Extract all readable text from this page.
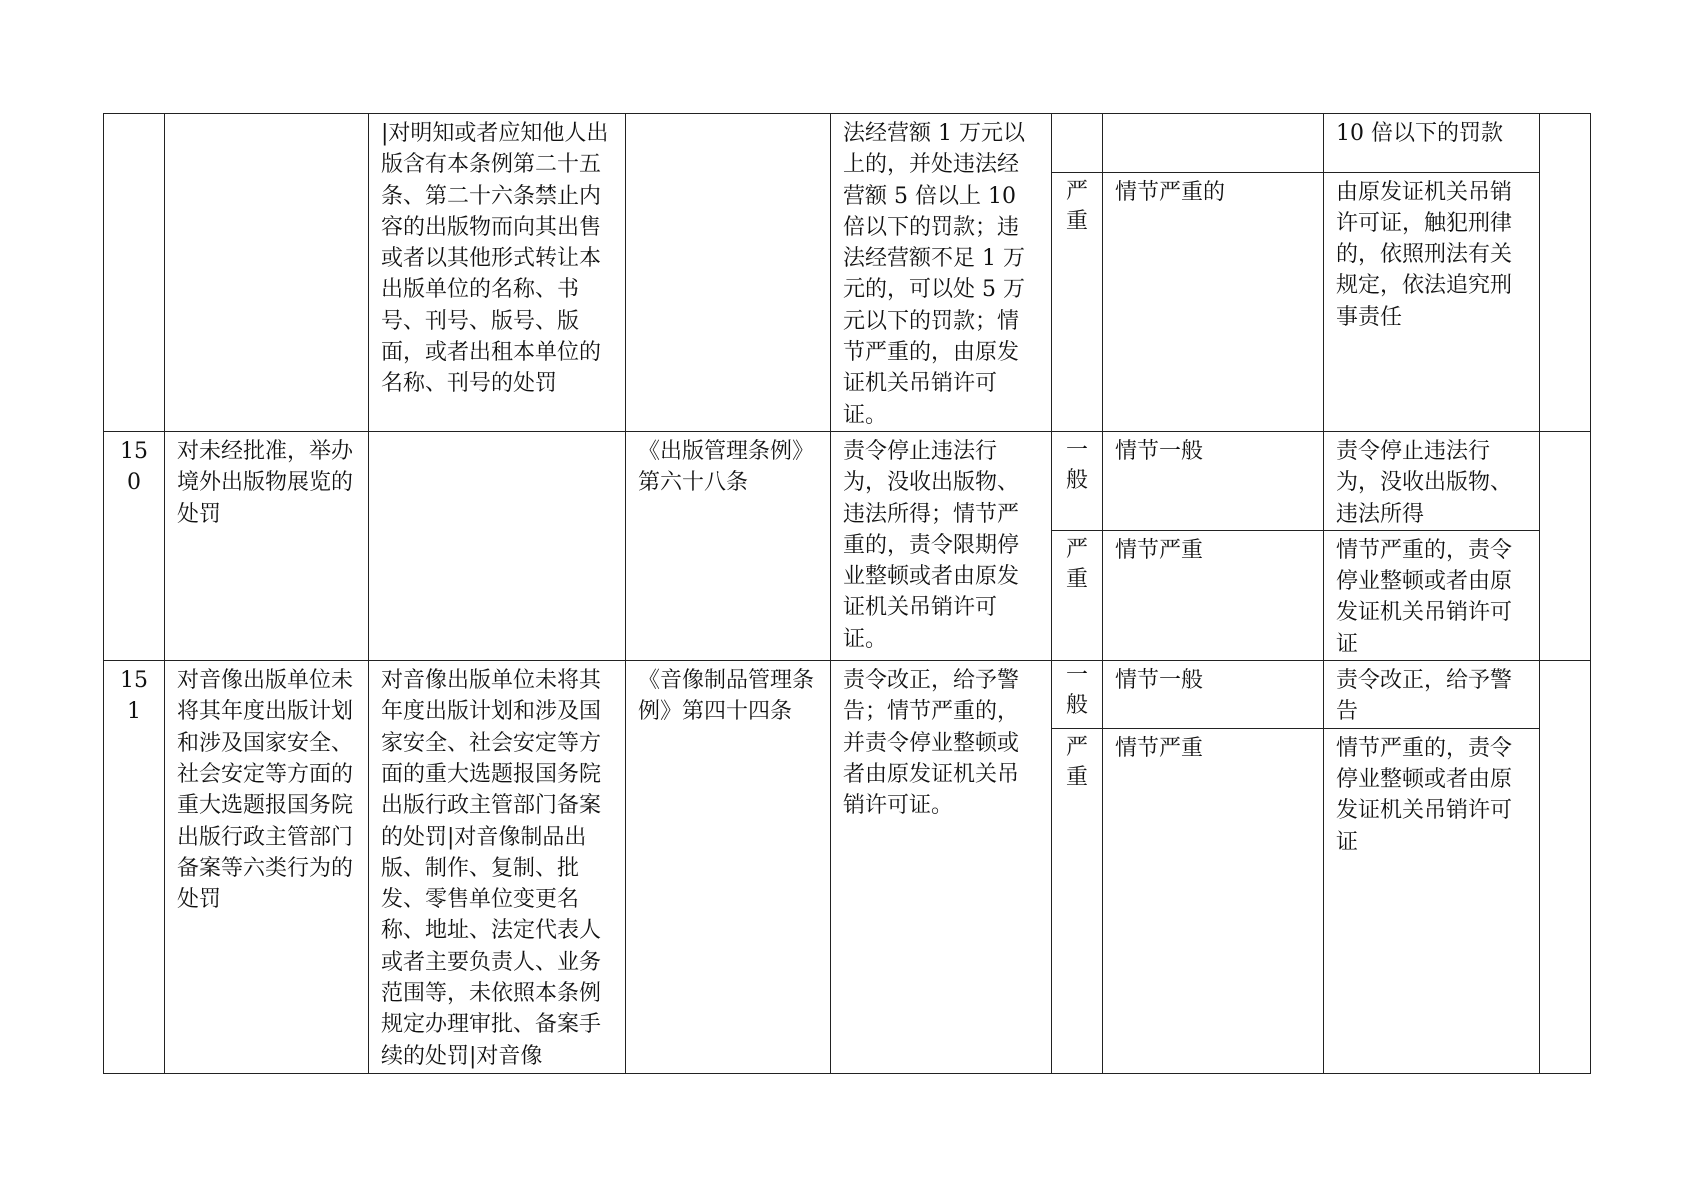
		|对明知或者应知他人出版含有本条例第二十五条、第二十六条禁止内容的出版物而向其出售或者以其他形式转让本出版单位的名称、书号、刊号、版号、版面，或者出租本单位的名称、刊号的处罚		法经营额 1 万元以上的，并处违法经营额 5 倍以上 10 倍以下的罚款；违法经营额不足 1 万元的，可以处 5 万元以下的罚款；情节严重的，由原发证机关吊销许可证。			10 倍以下的罚款	

					严重	情节严重的	由原发证机关吊销许可证，触犯刑律的，依照刑法有关规定，依法追究刑事责任	
150	对未经批准，举办境外出版物展览的处罚		《出版管理条例》第六十八条	责令停止违法行为，没收出版物、违法所得；情节严重的，责令限期停业整顿或者由原发证机关吊销许可证。	一般	情节一般	责令停止违法行为，没收出版物、违法所得	

					严重	情节严重	情节严重的，责令停业整顿或者由原发证机关吊销许可证	
151	对音像出版单位未将其年度出版计划和涉及国家安全、社会安定等方面的重大选题报国务院出版行政主管部门备案等六类行为的处罚	对音像出版单位未将其年度出版计划和涉及国家安全、社会安定等方面的重大选题报国务院出版行政主管部门备案的处罚|对音像制品出版、制作、复制、批发、零售单位变更名称、地址、法定代表人或者主要负责人、业务范围等，未依照本条例规定办理审批、备案手续的处罚|对音像	《音像制品管理条例》第四十四条	责令改正，给予警告；情节严重的，并责令停业整顿或者由原发证机关吊销许可证。	一般	情节一般	责令改正，给予警告	

					严重	情节严重	情节严重的，责令停业整顿或者由原发证机关吊销许可证	
